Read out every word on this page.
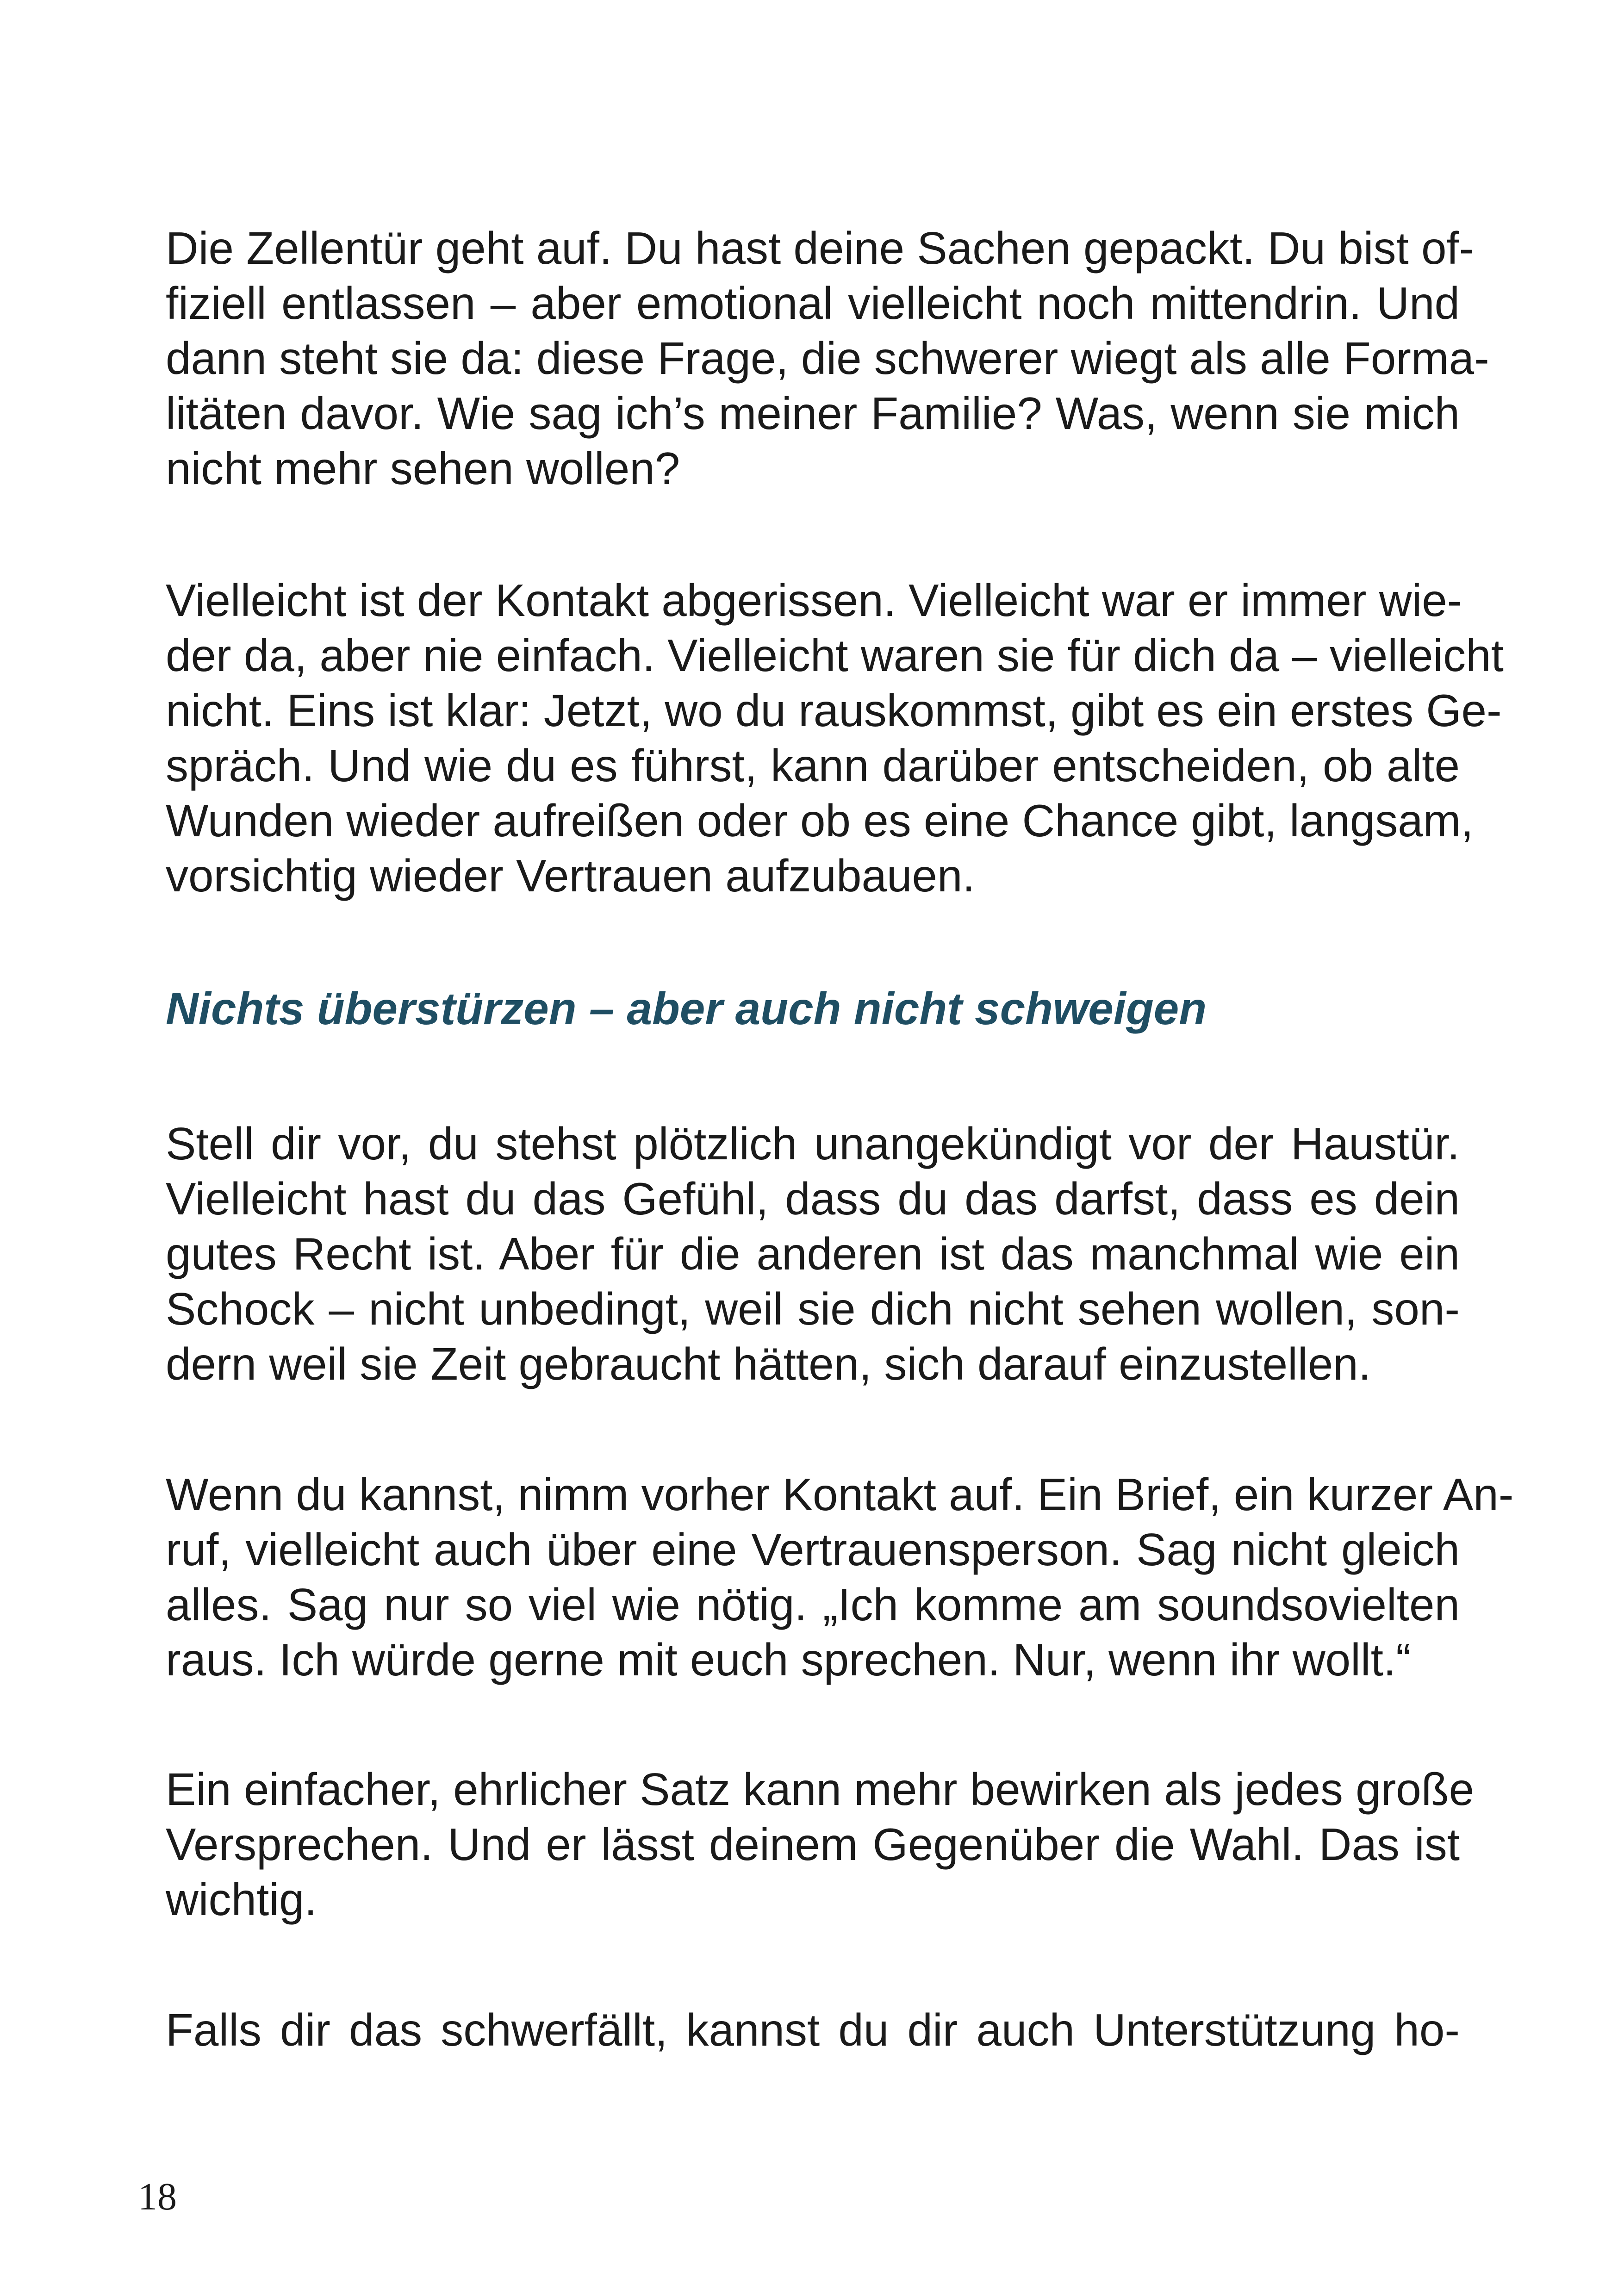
Die Zellentür geht auf. Du hast deine Sachen gepackt. Du bist of-
fiziell entlassen – aber emotional vielleicht noch mittendrin. Und
dann steht sie da: diese Frage, die schwerer wiegt als alle Forma-
litäten davor. Wie sag ich’s meiner Familie? Was, wenn sie mich
nicht mehr sehen wollen?
Vielleicht ist der Kontakt abgerissen. Vielleicht war er immer wie-
der da, aber nie einfach. Vielleicht waren sie für dich da – vielleicht
nicht. Eins ist klar: Jetzt, wo du rauskommst, gibt es ein erstes Ge-
spräch. Und wie du es führst, kann darüber entscheiden, ob alte
Wunden wieder aufreißen oder ob es eine Chance gibt, langsam,
vorsichtig wieder Vertrauen aufzubauen.
Nichts überstürzen – aber auch nicht schweigen
Stell dir vor, du stehst plötzlich unangekündigt vor der Haustür.
Vielleicht hast du das Gefühl, dass du das darfst, dass es dein
gutes Recht ist. Aber für die anderen ist das manchmal wie ein
Schock – nicht unbedingt, weil sie dich nicht sehen wollen, son-
dern weil sie Zeit gebraucht hätten, sich darauf einzustellen.
Wenn du kannst, nimm vorher Kontakt auf. Ein Brief, ein kurzer An-
ruf, vielleicht auch über eine Vertrauensperson. Sag nicht gleich
alles. Sag nur so viel wie nötig. „Ich komme am soundsovielten
raus. Ich würde gerne mit euch sprechen. Nur, wenn ihr wollt.“
Ein einfacher, ehrlicher Satz kann mehr bewirken als jedes große
Versprechen. Und er lässt deinem Gegenüber die Wahl. Das ist
wichtig.
Falls dir das schwerfällt, kannst du dir auch Unterstützung ho-
18
